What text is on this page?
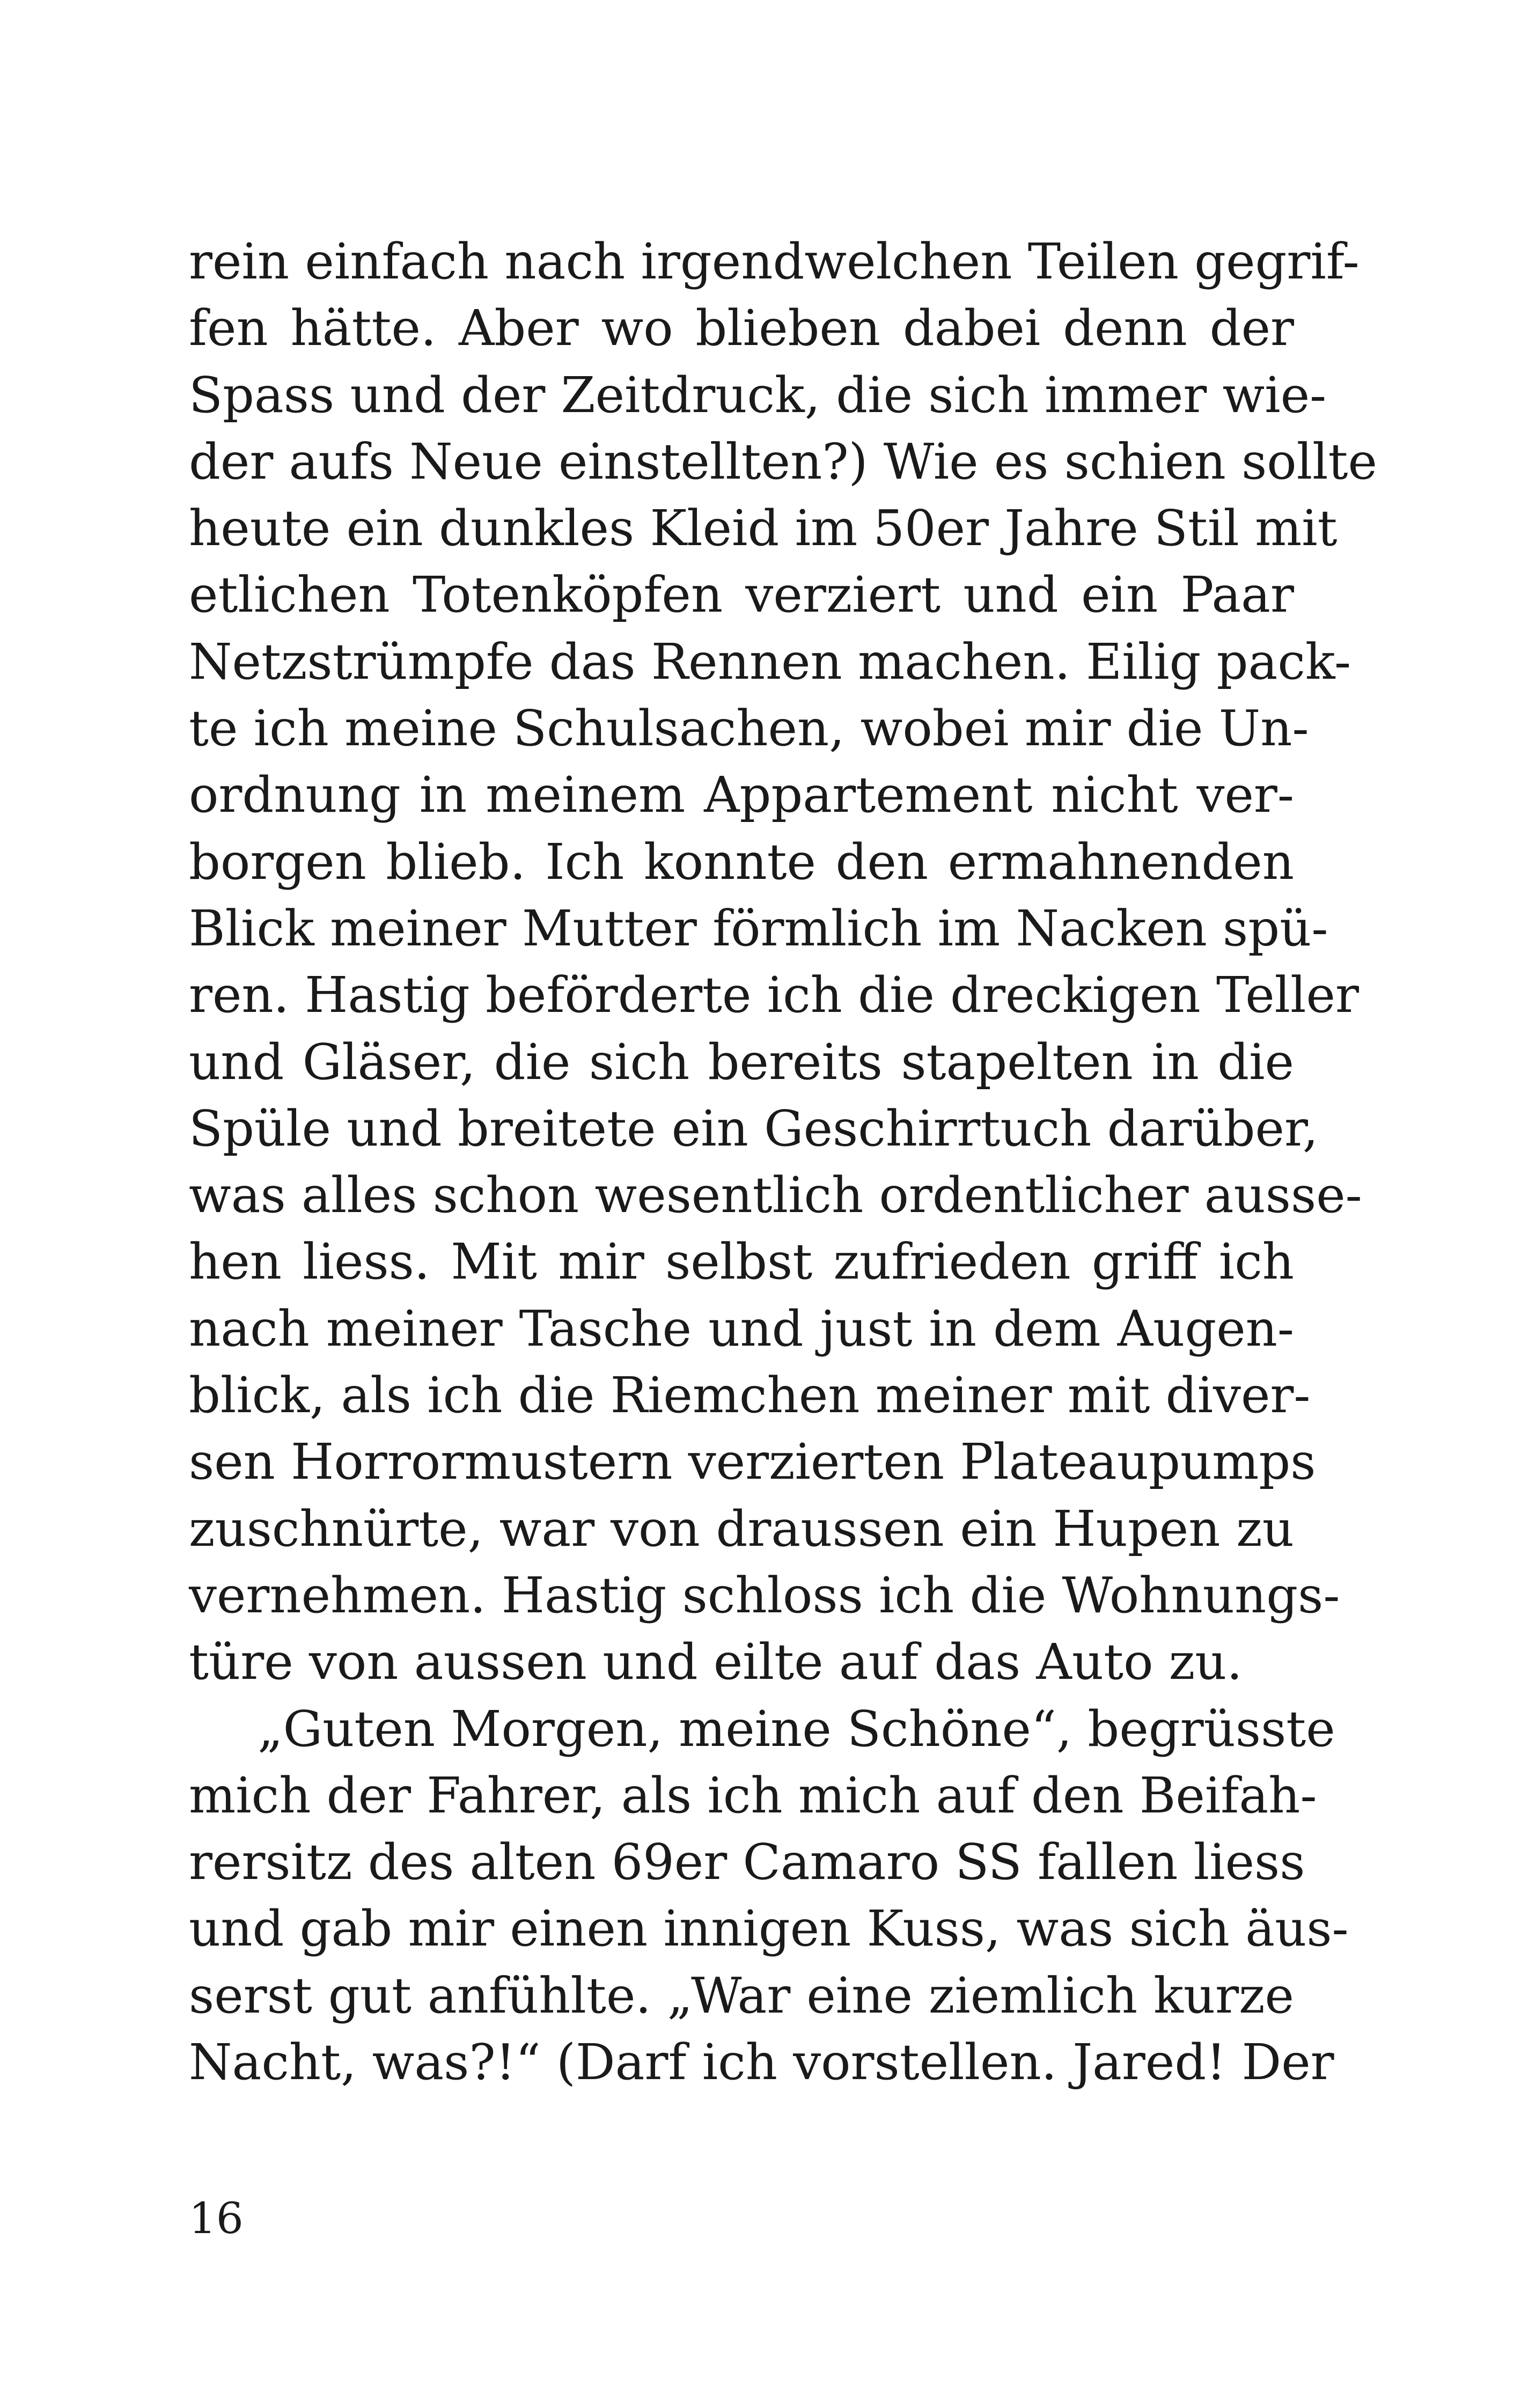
rein einfach nach irgendwelchen Teilen gegrif-
fen hätte. Aber wo blieben dabei denn der
Spass und der Zeitdruck, die sich immer wie-
der aufs Neue einstellten?) Wie es schien sollte
heute ein dunkles Kleid im 50er Jahre Stil mit
etlichen Totenköpfen verziert und ein Paar
Netzstrümpfe das Rennen machen. Eilig pack-
te ich meine Schulsachen, wobei mir die Un-
ordnung in meinem Appartement nicht ver-
borgen blieb. Ich konnte den ermahnenden
Blick meiner Mutter förmlich im Nacken spü-
ren. Hastig beförderte ich die dreckigen Teller
und Gläser, die sich bereits stapelten in die
Spüle und breitete ein Geschirrtuch darüber,
was alles schon wesentlich ordentlicher ausse-
hen liess. Mit mir selbst zufrieden griff ich
nach meiner Tasche und just in dem Augen-
blick, als ich die Riemchen meiner mit diver-
sen Horrormustern verzierten Plateaupumps
zuschnürte, war von draussen ein Hupen zu
vernehmen. Hastig schloss ich die Wohnungs-
türe von aussen und eilte auf das Auto zu.
„Guten Morgen, meine Schöne“, begrüsste
mich der Fahrer, als ich mich auf den Beifah-
rersitz des alten 69er Camaro SS fallen liess
und gab mir einen innigen Kuss, was sich äus-
serst gut anfühlte. „War eine ziemlich kurze
Nacht, was?!“ (Darf ich vorstellen. Jared! Der
16
